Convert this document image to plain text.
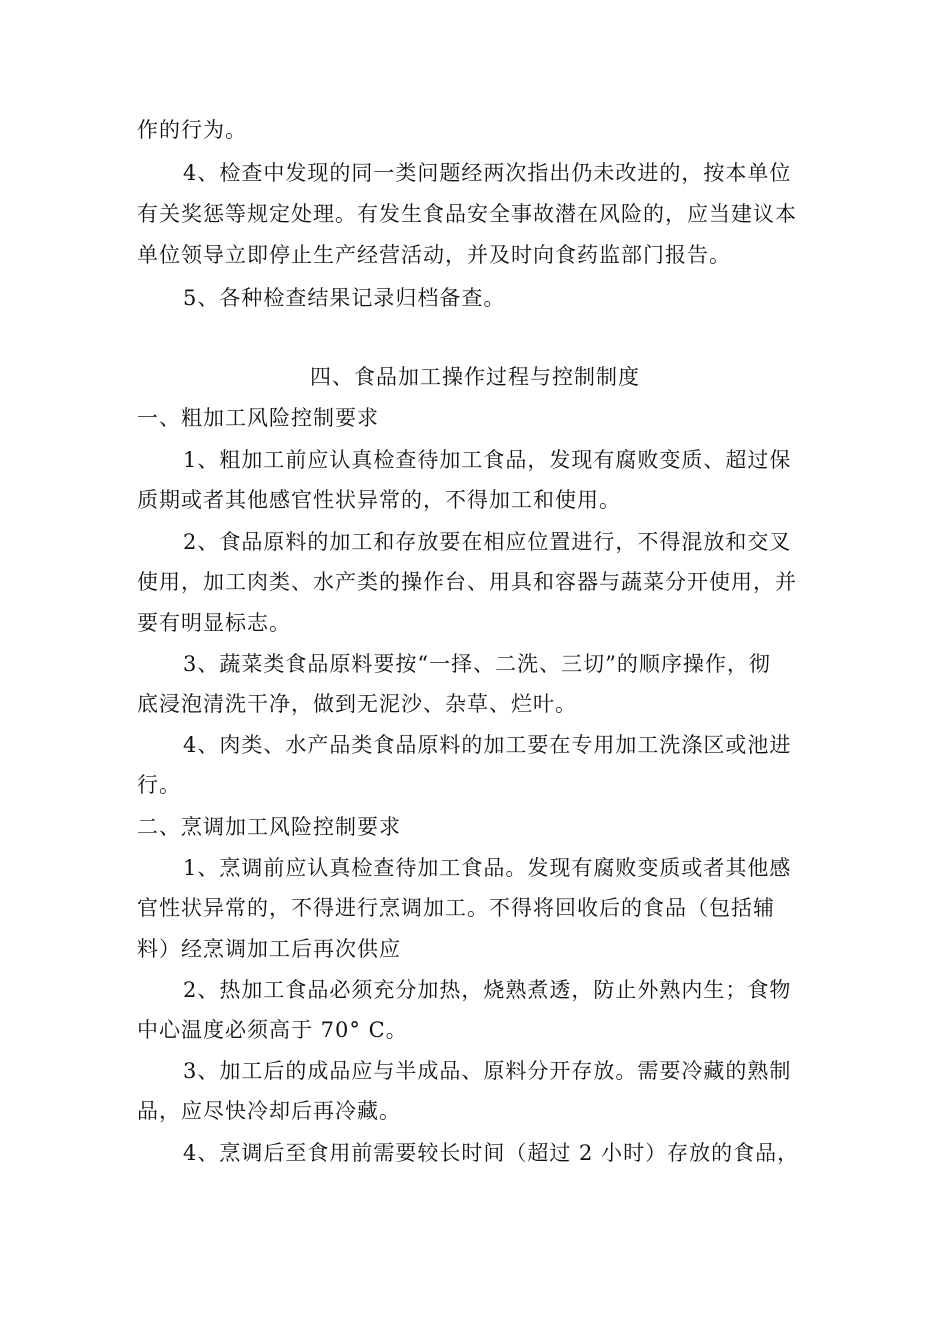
作的行为。

4、检查中发现的同一类问题经两次指出仍未改进的，按本单位

有关奖惩等规定处理。有发生食品安全事故潜在风险的，应当建议本

单位领导立即停止生产经营活动，并及时向食药监部门报告。

5、各种检查结果记录归档备查。

四、食品加工操作过程与控制制度

一、粗加工风险控制要求

1、粗加工前应认真检查待加工食品，发现有腐败变质、超过保

质期或者其他感官性状异常的，不得加工和使用。

2、食品原料的加工和存放要在相应位置进行，不得混放和交叉

使用，加工肉类、水产类的操作台、用具和容器与蔬菜分开使用，并

要有明显标志。

3、蔬菜类食品原料要按“一择、二洗、三切”的顺序操作，彻

底浸泡清洗干净，做到无泥沙、杂草、烂叶。

4、肉类、水产品类食品原料的加工要在专用加工洗涤区或池进

行。

二、烹调加工风险控制要求

1、烹调前应认真检查待加工食品。发现有腐败变质或者其他感

官性状异常的，不得进行烹调加工。不得将回收后的食品（包括辅

料）经烹调加工后再次供应

2、热加工食品必须充分加热，烧熟煮透，防止外熟内生；食物

中心温度必须高于 70° C。

3、加工后的成品应与半成品、原料分开存放。需要冷藏的熟制

品，应尽快冷却后再冷藏。

4、烹调后至食用前需要较长时间（超过 2 小时）存放的食品，
